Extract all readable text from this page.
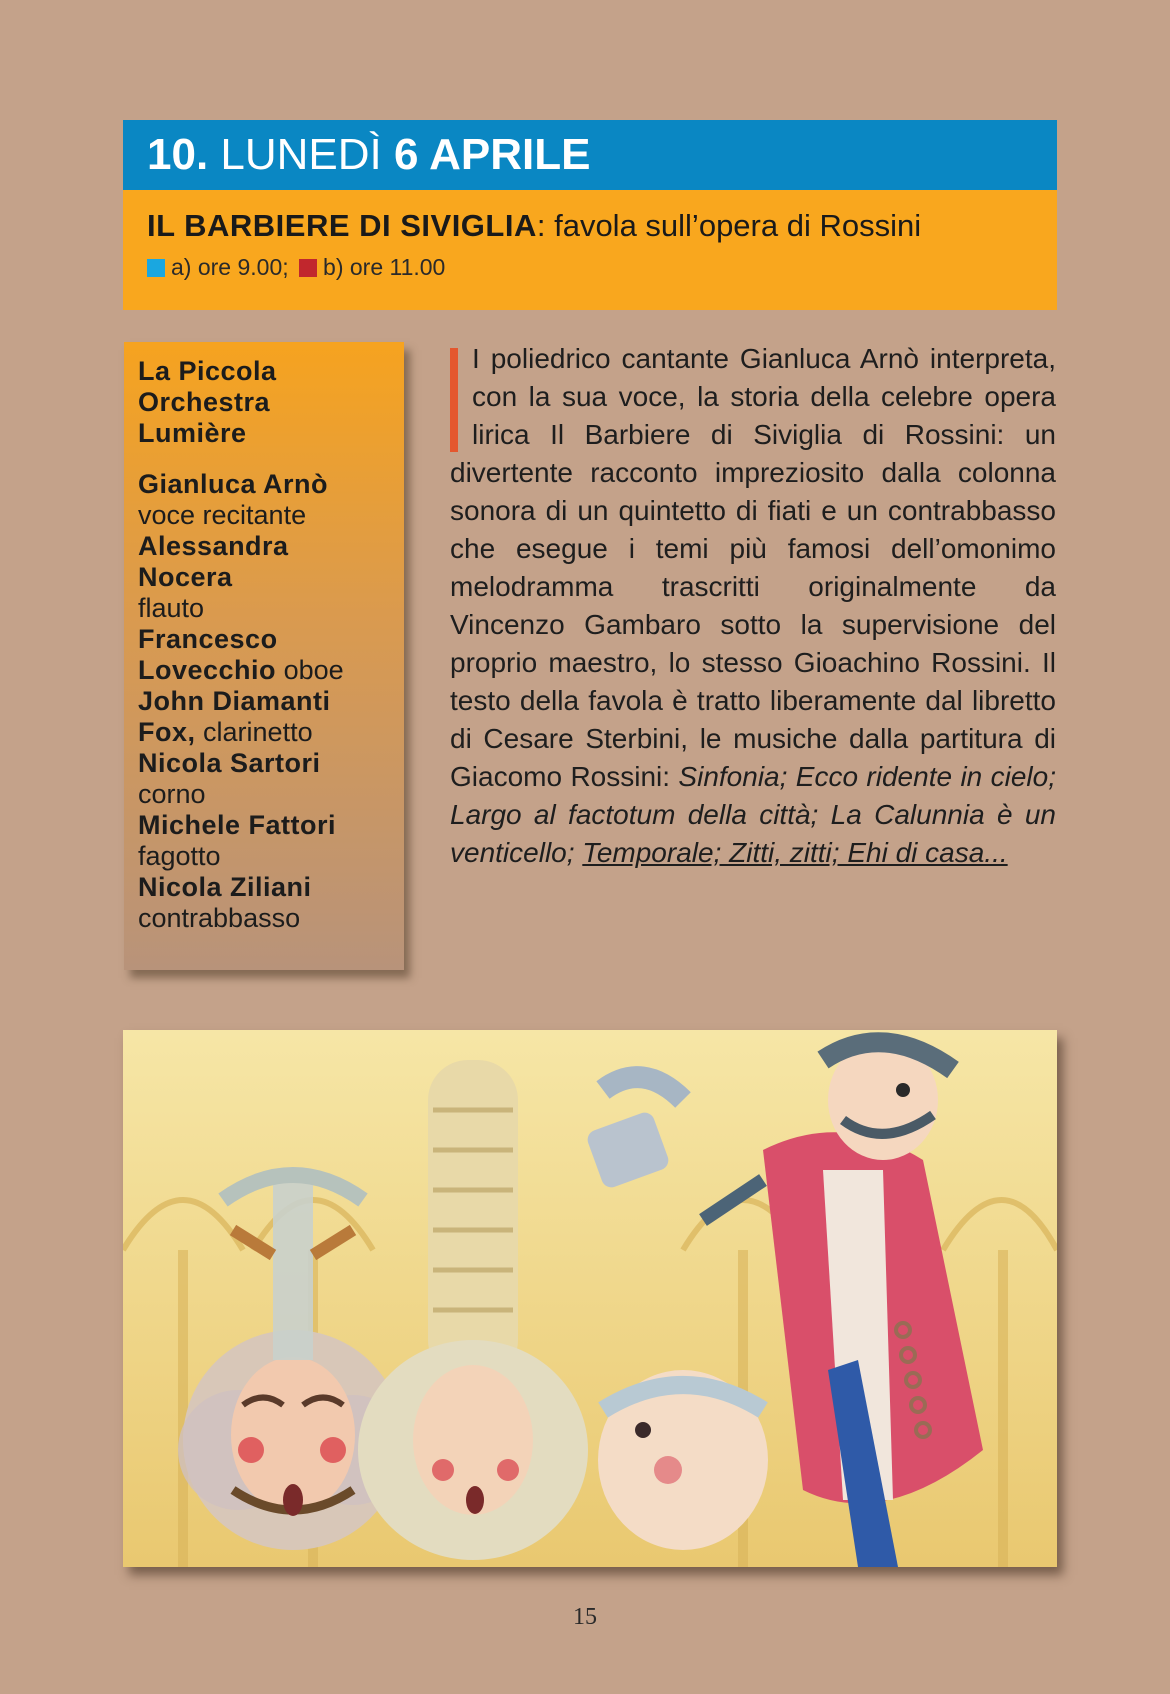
10. LUNEDÌ 6 APRILE
IL BARBIERE DI SIVIGLIA: favola sull’opera di Rossini
a) ore 9.00; b) ore 11.00
La Piccola
Orchestra
Lumière
Gianluca Arnò
voce recitante
Alessandra
Nocera
flauto
Francesco
Lovecchio oboe
John Diamanti
Fox, clarinetto
Nicola Sartori
corno
Michele Fattori
fagotto
Nicola Ziliani
contrabbasso
I poliedrico cantante Gianluca Arnò interpreta, con la sua voce, la storia della celebre opera lirica Il Barbiere di Siviglia di Rossini: un divertente racconto impreziosito dalla colonna sonora di un quintetto di fiati e un contrabbasso che esegue i temi più famosi dell’omonimo melodramma trascritti originalmente da Vincenzo Gambaro sotto la supervisione del proprio maestro, lo stesso Gioachino Rossini. Il testo della favola è tratto liberamente dal libretto di Cesare Sterbini, le musiche dalla partitura di Giacomo Rossini: Sinfonia; Ecco ridente in cielo; Largo al factotum della città; La Calunnia è un venticello; Temporale; Zitti, zitti; Ehi di casa...
15
